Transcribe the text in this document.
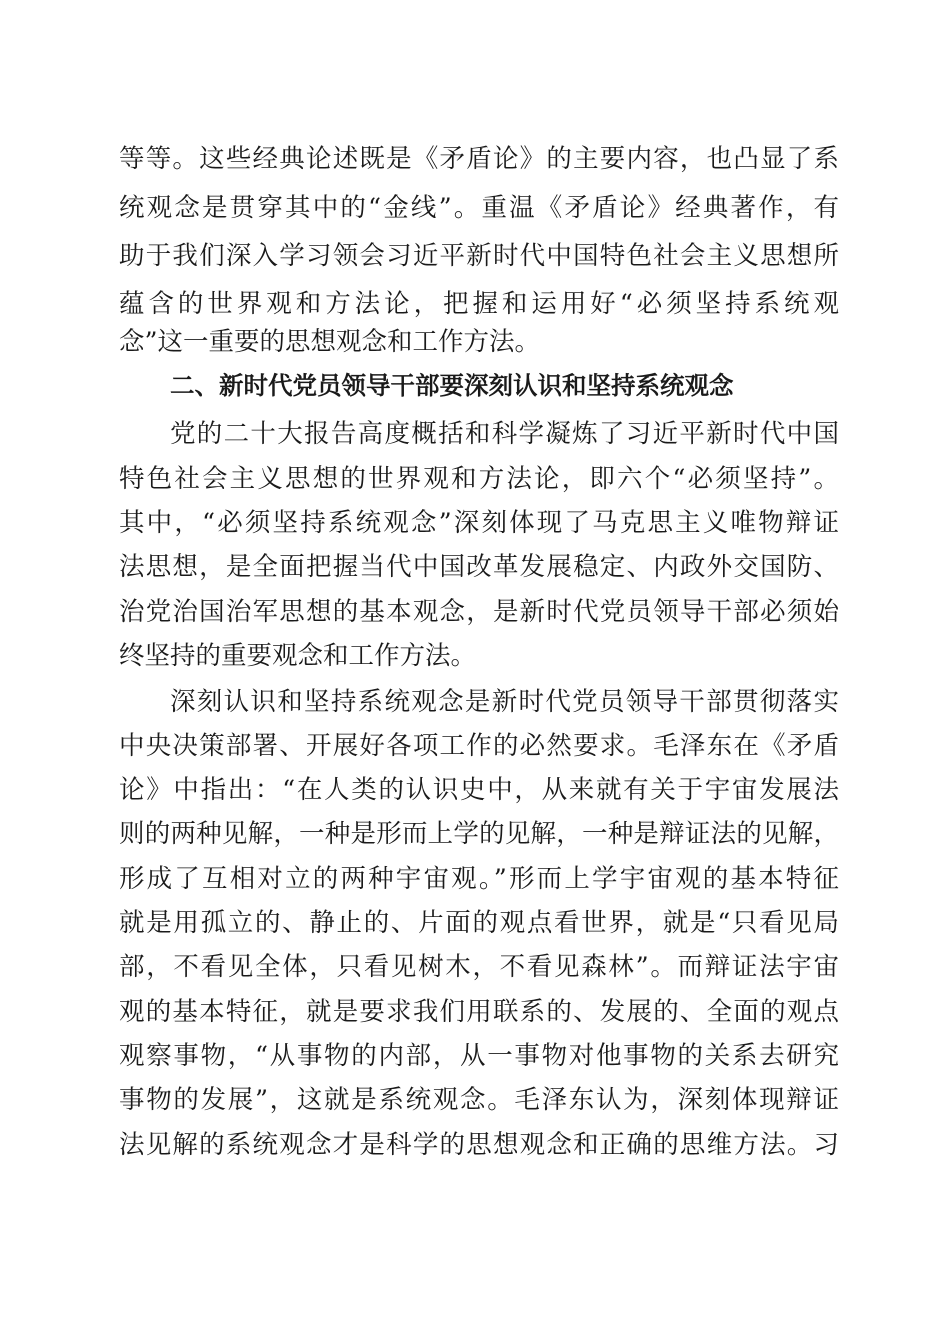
等等。这些经典论述既是《矛盾论》的主要内容，也凸显了系
统观念是贯穿其中的“金线”。重温《矛盾论》经典著作，有
助于我们深入学习领会习近平新时代中国特色社会主义思想所
蕴含的世界观和方法论，把握和运用好“必须坚持系统观
念”这一重要的思想观念和工作方法。
二、新时代党员领导干部要深刻认识和坚持系统观念
党的二十大报告高度概括和科学凝炼了习近平新时代中国
特色社会主义思想的世界观和方法论，即六个“必须坚持”。
其中，“必须坚持系统观念”深刻体现了马克思主义唯物辩证
法思想，是全面把握当代中国改革发展稳定、内政外交国防、
治党治国治军思想的基本观念，是新时代党员领导干部必须始
终坚持的重要观念和工作方法。
深刻认识和坚持系统观念是新时代党员领导干部贯彻落实
中央决策部署、开展好各项工作的必然要求。毛泽东在《矛盾
论》中指出：“在人类的认识史中，从来就有关于宇宙发展法
则的两种见解，一种是形而上学的见解，一种是辩证法的见解，
形成了互相对立的两种宇宙观。”形而上学宇宙观的基本特征
就是用孤立的、静止的、片面的观点看世界，就是“只看见局
部，不看见全体，只看见树木，不看见森林”。而辩证法宇宙
观的基本特征，就是要求我们用联系的、发展的、全面的观点
观察事物，“从事物的内部，从一事物对他事物的关系去研究
事物的发展”，这就是系统观念。毛泽东认为，深刻体现辩证
法见解的系统观念才是科学的思想观念和正确的思维方法。习
